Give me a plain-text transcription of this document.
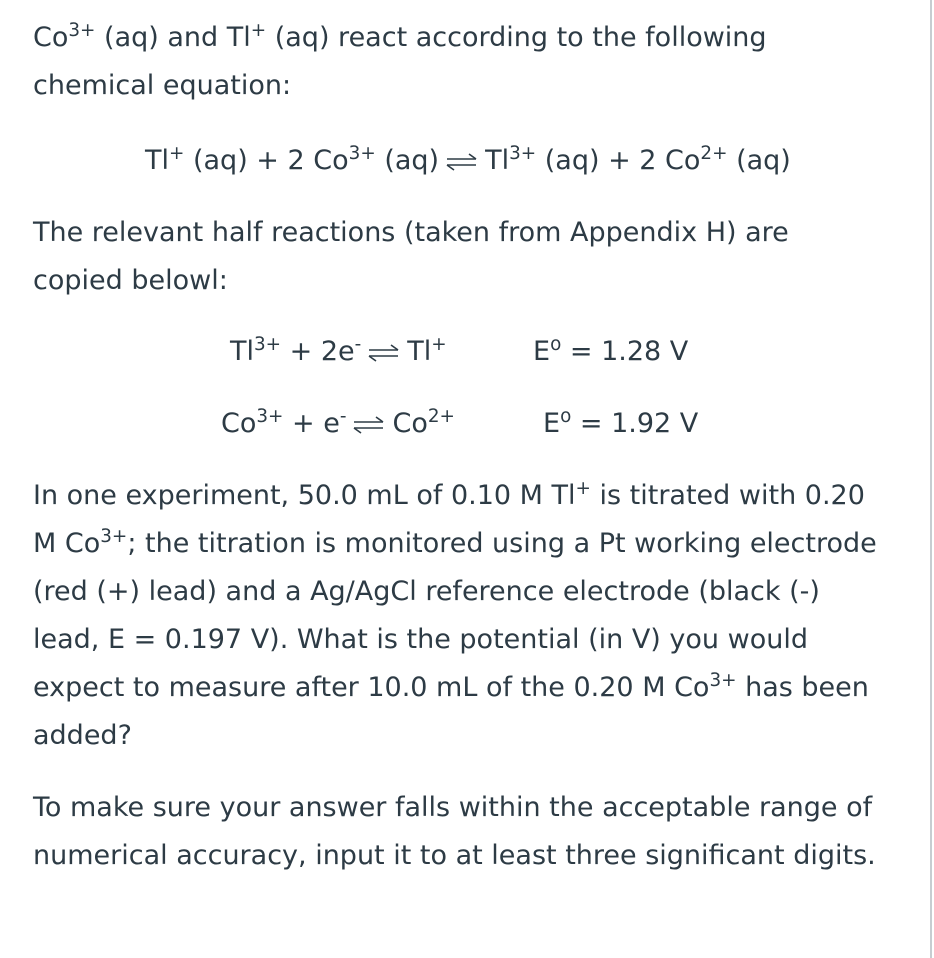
$Co^{3+}$ (aq) and Tl+ (aq) react according to the following chemical equation:

Tl+ (aq) + 2 $Co^{3+}$ (aq) ⇌ $Tl^{3+}$ (aq) + 2 $Co^{2+}$ (aq)

The relevant half reactions (taken from Appendix H) are copied belowl:

$Tl^{3+} + 2e^-$ ⇌ Tl+	$E^o = 1.28$ V
$Co^{3+} + e^-$ ⇌ $Co^{2+}$	$E^o = 1.92$ V

In one experiment, 50.0 mL of 0.10 M Tl+ is titrated with 0.20 M $Co^{3+}$; the titration is monitored using a Pt working electrode (red (+) lead) and a Ag/AgCl reference electrode (black (-) lead, E = 0.197 V). What is the potential (in V) you would expect to measure after 10.0 mL of the 0.20 M $Co^{3+}$ has been added?

To make sure your answer falls within the acceptable range of numerical accuracy, input it to at least three significant digits.
